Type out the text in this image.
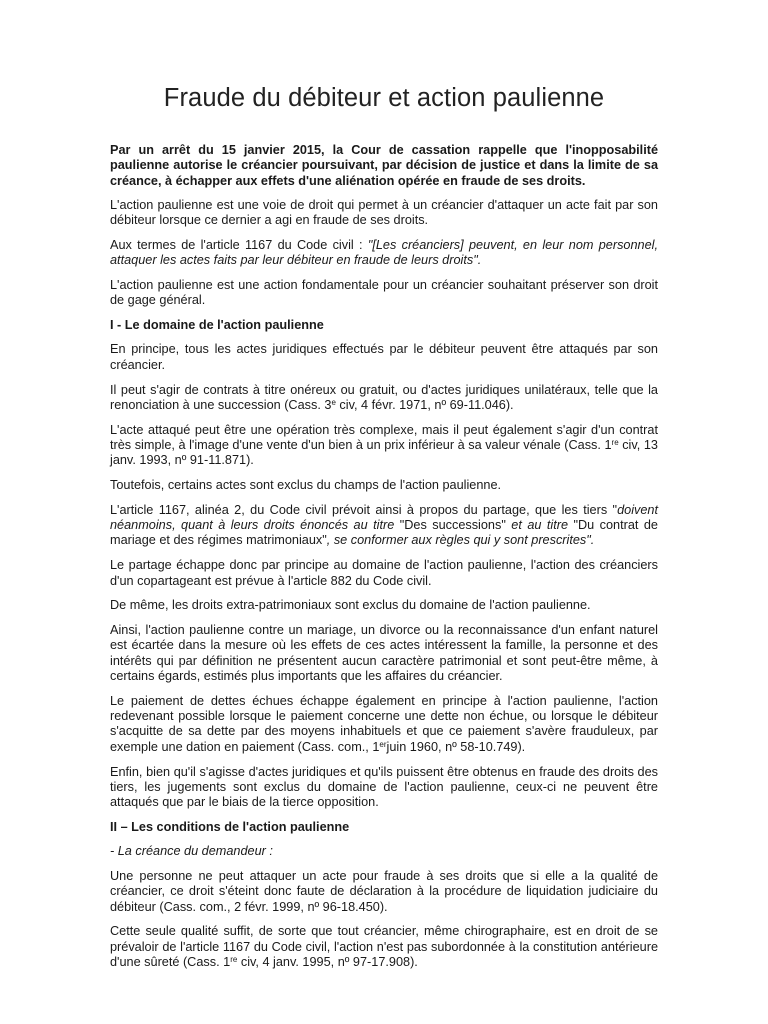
Fraude du débiteur et action paulienne

Par un arrêt du 15 janvier 2015, la Cour de cassation rappelle que l'inopposabilité paulienne autorise le créancier poursuivant, par décision de justice et dans la limite de sa créance, à échapper aux effets d'une aliénation opérée en fraude de ses droits.

L'action paulienne est une voie de droit qui permet à un créancier d'attaquer un acte fait par son débiteur lorsque ce dernier a agi en fraude de ses droits.

Aux termes de l'article 1167 du Code civil : "[Les créanciers] peuvent, en leur nom personnel, attaquer les actes faits par leur débiteur en fraude de leurs droits".

L'action paulienne est une action fondamentale pour un créancier souhaitant préserver son droit de gage général.

I - Le domaine de l'action paulienne

En principe, tous les actes juridiques effectués par le débiteur peuvent être attaqués par son créancier.

Il peut s'agir de contrats à titre onéreux ou gratuit, ou d'actes juridiques unilatéraux, telle que la renonciation à une succession (Cass. 3e civ, 4 févr. 1971, nº 69-11.046).

L'acte attaqué peut être une opération très complexe, mais il peut également s'agir d'un contrat très simple, à l'image d'une vente d'un bien à un prix inférieur à sa valeur vénale (Cass. 1re civ, 13 janv. 1993, nº 91-11.871).

Toutefois, certains actes sont exclus du champs de l'action paulienne.

L'article 1167, alinéa 2, du Code civil prévoit ainsi à propos du partage, que les tiers "doivent néanmoins, quant à leurs droits énoncés au titre "Des successions" et au titre "Du contrat de mariage et des régimes matrimoniaux", se conformer aux règles qui y sont prescrites".

Le partage échappe donc par principe au domaine de l'action paulienne, l'action des créanciers d'un copartageant est prévue à l'article 882 du Code civil.

De même, les droits extra-patrimoniaux sont exclus du domaine de l'action paulienne.

Ainsi, l'action paulienne contre un mariage, un divorce ou la reconnaissance d'un enfant naturel est écartée dans la mesure où les effets de ces actes intéressent la famille, la personne et des intérêts qui par définition ne présentent aucun caractère patrimonial et sont peut-être même, à certains égards, estimés plus importants que les affaires du créancier.

Le paiement de dettes échues échappe également en principe à l'action paulienne, l'action redevenant possible lorsque le paiement concerne une dette non échue, ou lorsque le débiteur s'acquitte de sa dette par des moyens inhabituels et que ce paiement s'avère frauduleux, par exemple une dation en paiement (Cass. com., 1erjuin 1960, nº 58-10.749).

Enfin, bien qu'il s'agisse d'actes juridiques et qu'ils puissent être obtenus en fraude des droits des tiers, les jugements sont exclus du domaine de l'action paulienne, ceux-ci ne peuvent être attaqués que par le biais de la tierce opposition.

II – Les conditions de l'action paulienne

- La créance du demandeur :

Une personne ne peut attaquer un acte pour fraude à ses droits que si elle a la qualité de créancier, ce droit s'éteint donc faute de déclaration à la procédure de liquidation judiciaire du débiteur (Cass. com., 2 févr. 1999, nº 96-18.450).

Cette seule qualité suffit, de sorte que tout créancier, même chirographaire, est en droit de se prévaloir de l'article 1167 du Code civil, l'action n'est pas subordonnée à la constitution antérieure d'une sûreté (Cass. 1re civ, 4 janv. 1995, nº 97-17.908).
